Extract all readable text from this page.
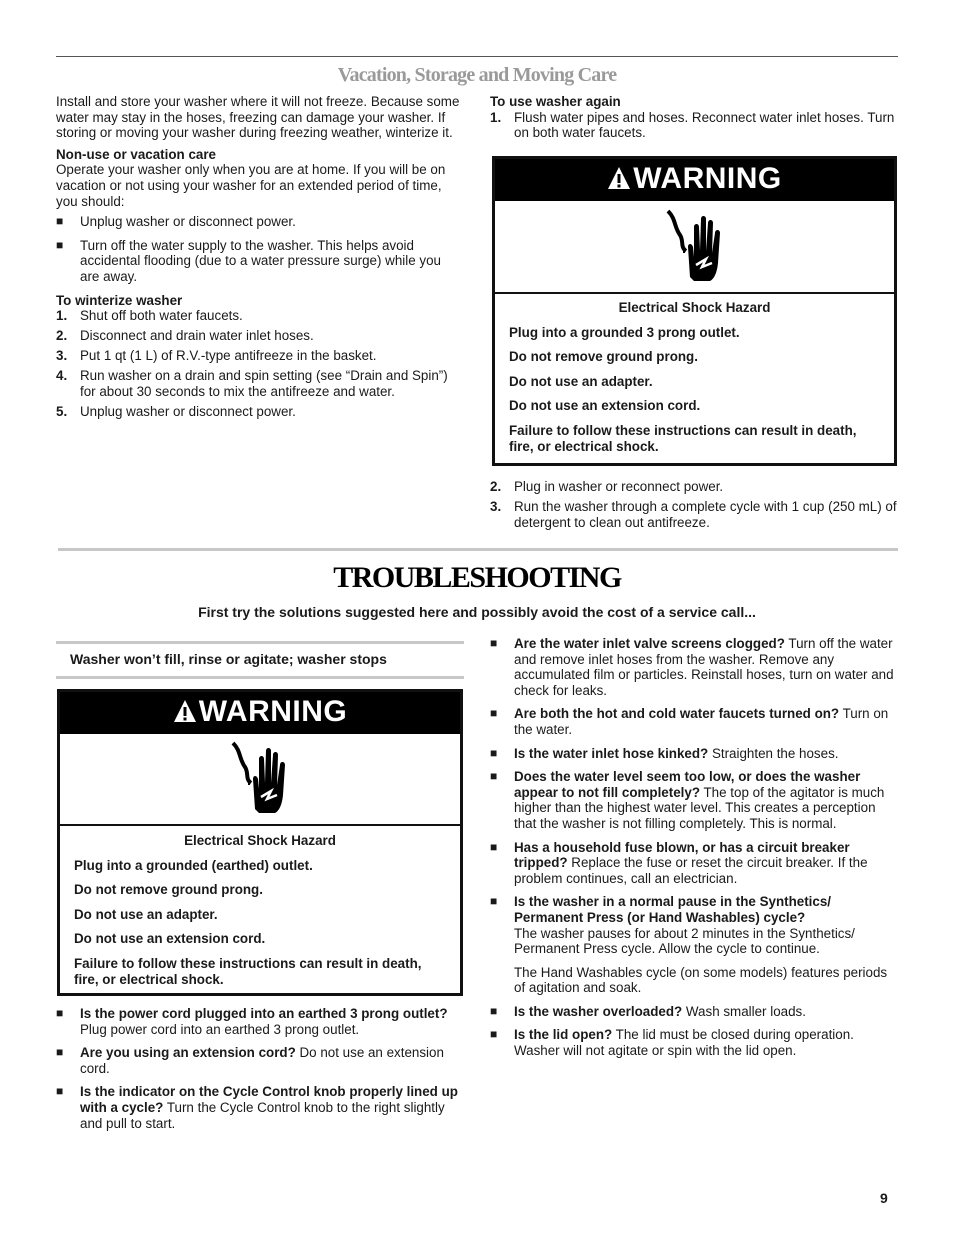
Vacation, Storage and Moving Care

Install and store your washer where it will not freeze. Because some water may stay in the hoses, freezing can damage your washer. If storing or moving your washer during freezing weather, winterize it.

Non-use or vacation care

Operate your washer only when you are at home. If you will be on vacation or not using your washer for an extended period of time, you should:

■ Unplug washer or disconnect power.
■ Turn off the water supply to the washer. This helps avoid accidental flooding (due to a water pressure surge) while you are away.

To winterize washer

1. Shut off both water faucets.
2. Disconnect and drain water inlet hoses.
3. Put 1 qt (1 L) of R.V.-type antifreeze in the basket.
4. Run washer on a drain and spin setting (see “Drain and Spin”) for about 30 seconds to mix the antifreeze and water.
5. Unplug washer or disconnect power.

To use washer again

1. Flush water pipes and hoses. Reconnect water inlet hoses. Turn on both water faucets.
WARNING

Electrical Shock Hazard

Plug into a grounded 3 prong outlet.

Do not remove ground prong.

Do not use an adapter.

Do not use an extension cord.

Failure to follow these instructions can result in death, fire, or electrical shock.

2. Plug in washer or reconnect power.
3. Run the washer through a complete cycle with 1 cup (250 mL) of detergent to clean out antifreeze.
TROUBLESHOOTING
First try the solutions suggested here and possibly avoid the cost of a service call...
Washer won’t fill, rinse or agitate; washer stops
WARNING

Electrical Shock Hazard

Plug into a grounded (earthed) outlet.

Do not remove ground prong.

Do not use an adapter.

Do not use an extension cord.

Failure to follow these instructions can result in death, fire, or electrical shock.

■ Is the power cord plugged into an earthed 3 prong outlet? Plug power cord into an earthed 3 prong outlet.
■ Are you using an extension cord? Do not use an extension cord.
■ Is the indicator on the Cycle Control knob properly lined up with a cycle? Turn the Cycle Control knob to the right slightly and pull to start.
■ Are the water inlet valve screens clogged? Turn off the water and remove inlet hoses from the washer. Remove any accumulated film or particles. Reinstall hoses, turn on water and check for leaks.
■ Are both the hot and cold water faucets turned on? Turn on the water.
■ Is the water inlet hose kinked? Straighten the hoses.
■ Does the water level seem too low, or does the washer appear to not fill completely? The top of the agitator is much higher than the highest water level. This creates a perception that the washer is not filling completely. This is normal.
■ Has a household fuse blown, or has a circuit breaker tripped? Replace the fuse or reset the circuit breaker. If the problem continues, call an electrician.
■ Is the washer in a normal pause in the Synthetics/ Permanent Press (or Hand Washables) cycle?
The washer pauses for about 2 minutes in the Synthetics/ Permanent Press cycle. Allow the cycle to continue.

The Hand Washables cycle (on some models) features periods of agitation and soak.

■ Is the washer overloaded? Wash smaller loads.
■ Is the lid open? The lid must be closed during operation. Washer will not agitate or spin with the lid open.
9
